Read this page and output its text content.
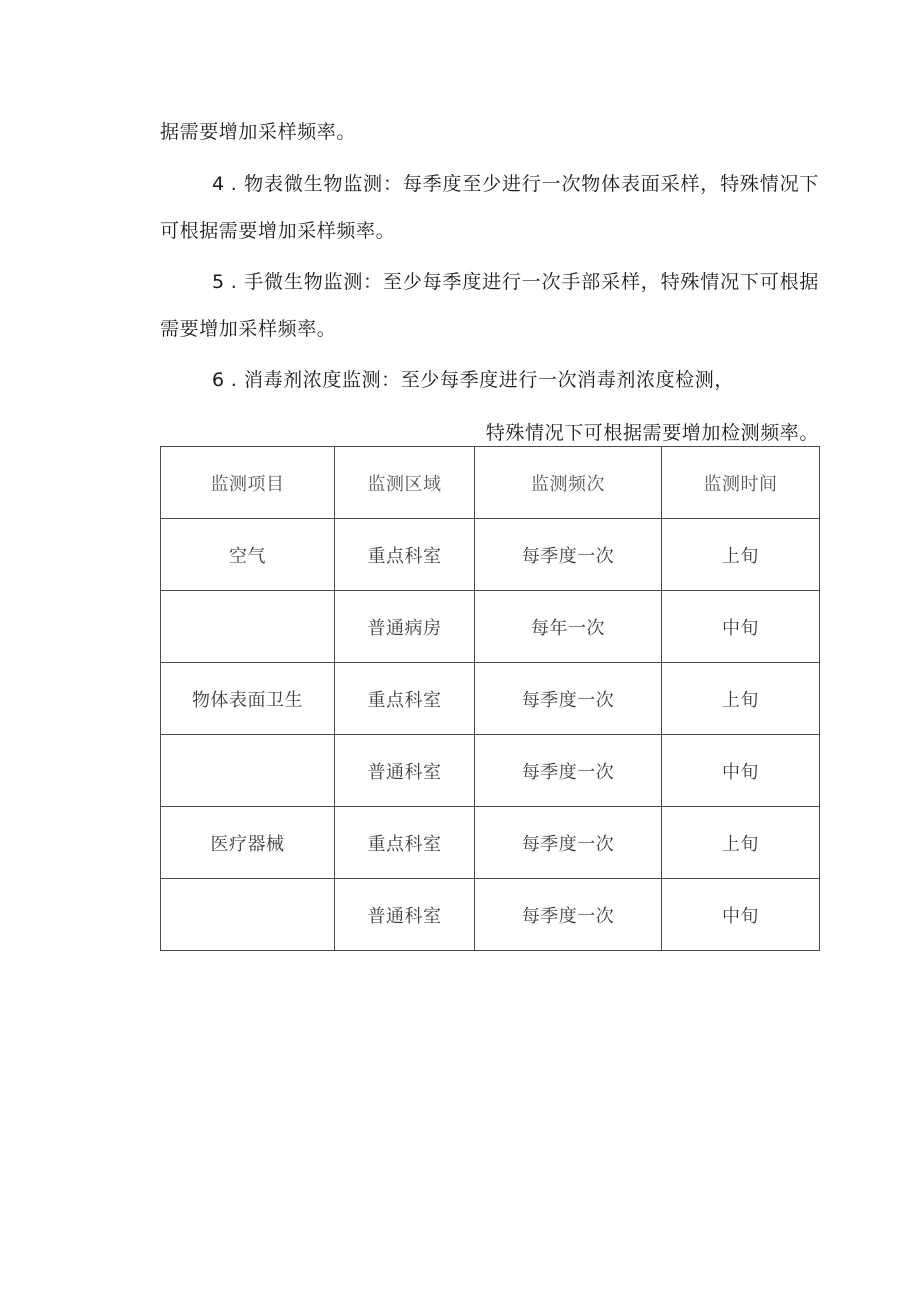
据需要增加采样频率。
4 . 物表微生物监测：每季度至少进行一次物体表面采样，特殊情况下
可根据需要增加采样频率。
5 . 手微生物监测：至少每季度进行一次手部采样，特殊情况下可根据
需要增加采样频率。
6 . 消毒剂浓度监测：至少每季度进行一次消毒剂浓度检测，
特殊情况下可根据需要增加检测频率。
监测项目	监测区域	监测频次	监测时间
空气	重点科室	每季度一次	上旬
	普通病房	每年一次	中旬
物体表面卫生	重点科室	每季度一次	上旬
	普通科室	每季度一次	中旬
医疗器械	重点科室	每季度一次	上旬
	普通科室	每季度一次	中旬
